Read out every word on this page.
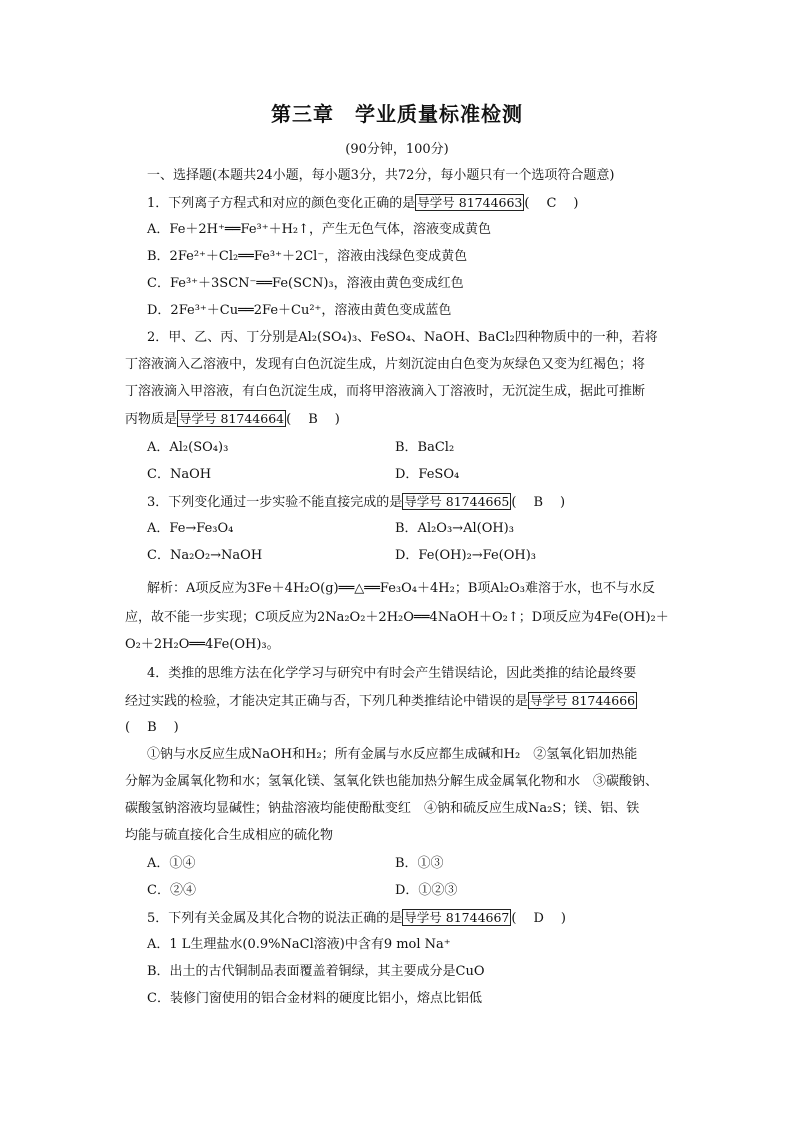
第三章　学业质量标准检测
(90分钟，100分)
一、选择题(本题共24小题，每小题3分，共72分，每小题只有一个选项符合题意)
1．下列离子方程式和对应的颜色变化正确的是 导学号 81744663 (　C　)
A．Fe＋2H⁺══Fe³⁺＋H₂↑，产生无色气体，溶液变成黄色
B．2Fe²⁺＋Cl₂══Fe³⁺＋2Cl⁻，溶液由浅绿色变成黄色
C．Fe³⁺＋3SCN⁻══Fe(SCN)₃，溶液由黄色变成红色
D．2Fe³⁺＋Cu══2Fe＋Cu²⁺，溶液由黄色变成蓝色
2．甲、乙、丙、丁分别是Al₂(SO₄)₃、FeSO₄、NaOH、BaCl₂四种物质中的一种，若将
丁溶液滴入乙溶液中，发现有白色沉淀生成，片刻沉淀由白色变为灰绿色又变为红褐色；将
丁溶液滴入甲溶液，有白色沉淀生成，而将甲溶液滴入丁溶液时，无沉淀生成，据此可推断
丙物质是 导学号 81744664 (　B　)
A．Al₂(SO₄)₃	B．BaCl₂
C．NaOH	D．FeSO₄
3．下列变化通过一步实验不能直接完成的是 导学号 81744665 (　B　)
A．Fe→Fe₃O₄	B．Al₂O₃→Al(OH)₃
C．Na₂O₂→NaOH	D．Fe(OH)₂→Fe(OH)₃
解析：A项反应为3Fe＋4H₂O(g)══△══Fe₃O₄＋4H₂；B项Al₂O₃难溶于水，也不与水反
应，故不能一步实现；C项反应为2Na₂O₂＋2H₂O══4NaOH＋O₂↑；D项反应为4Fe(OH)₂＋
O₂＋2H₂O══4Fe(OH)₃。
4．类推的思维方法在化学学习与研究中有时会产生错误结论，因此类推的结论最终要
经过实践的检验，才能决定其正确与否，下列几种类推结论中错误的是 导学号 81744666
(　B　)
①钠与水反应生成NaOH和H₂；所有金属与水反应都生成碱和H₂　②氢氧化铝加热能
分解为金属氧化物和水；氢氧化镁、氢氧化铁也能加热分解生成金属氧化物和水　③碳酸钠、
碳酸氢钠溶液均显碱性；钠盐溶液均能使酚酞变红　④钠和硫反应生成Na₂S；镁、铝、铁
均能与硫直接化合生成相应的硫化物
A．①④	B．①③
C．②④	D．①②③
5．下列有关金属及其化合物的说法正确的是 导学号 81744667 (　D　)
A．1 L生理盐水(0.9%NaCl溶液)中含有9 mol Na⁺
B．出土的古代铜制品表面覆盖着铜绿，其主要成分是CuO
C．装修门窗使用的铝合金材料的硬度比铝小，熔点比铝低
